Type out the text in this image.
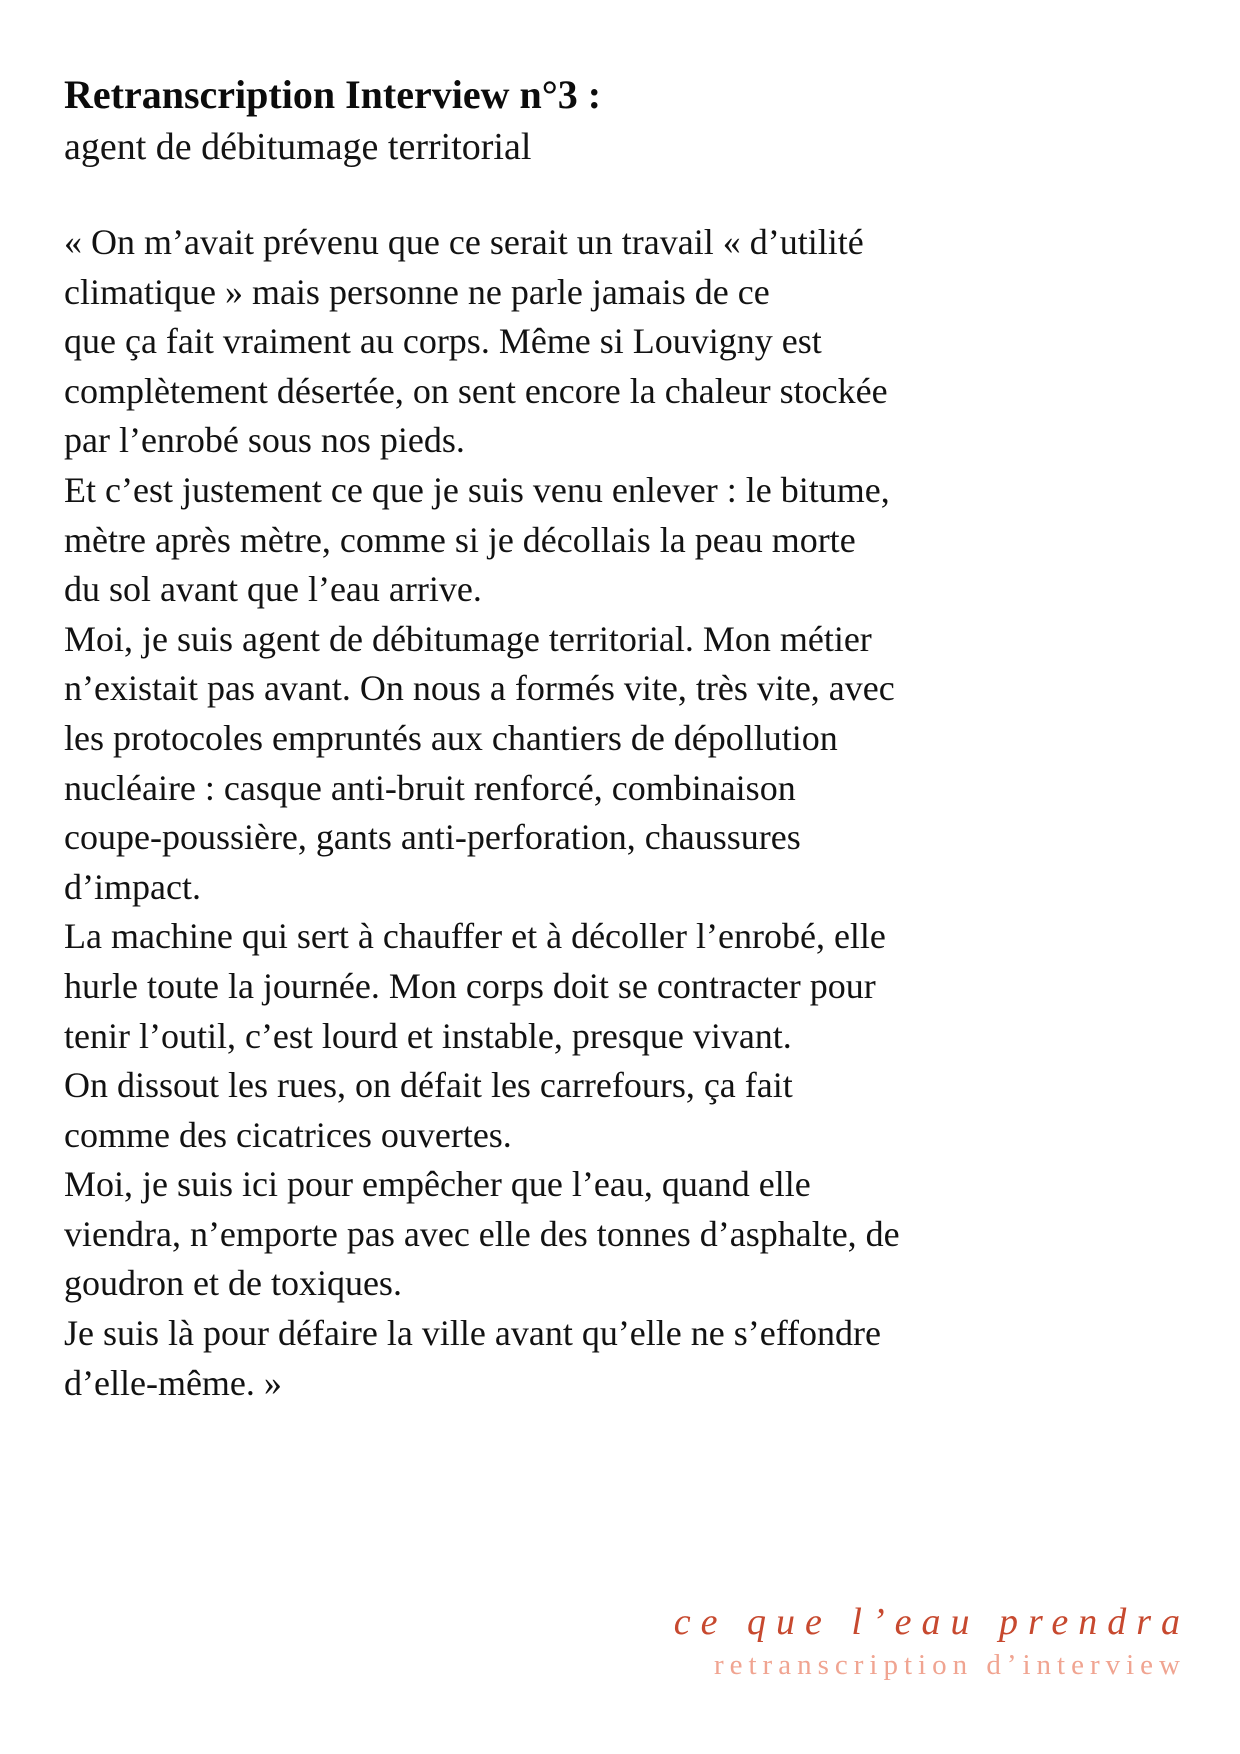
Retranscription Interview n°3 :
agent de débitumage territorial
« On m’avait prévenu que ce serait un travail « d’utilité
climatique » mais personne ne parle jamais de ce
que ça fait vraiment au corps. Même si Louvigny est
complètement désertée, on sent encore la chaleur stockée
par l’enrobé sous nos pieds.
Et c’est justement ce que je suis venu enlever : le bitume,
mètre après mètre, comme si je décollais la peau morte
du sol avant que l’eau arrive.
Moi, je suis agent de débitumage territorial. Mon métier
n’existait pas avant. On nous a formés vite, très vite, avec
les protocoles empruntés aux chantiers de dépollution
nucléaire : casque anti-bruit renforcé, combinaison
coupe-poussière, gants anti-perforation, chaussures
d’impact.
La machine qui sert à chauffer et à décoller l’enrobé, elle
hurle toute la journée. Mon corps doit se contracter pour
tenir l’outil, c’est lourd et instable, presque vivant.
On dissout les rues, on défait les carrefours, ça fait
comme des cicatrices ouvertes.
Moi, je suis ici pour empêcher que l’eau, quand elle
viendra, n’emporte pas avec elle des tonnes d’asphalte, de
goudron et de toxiques.
Je suis là pour défaire la ville avant qu’elle ne s’effondre
d’elle-même. »
ce que l’eau prendra
retranscription d’interview
